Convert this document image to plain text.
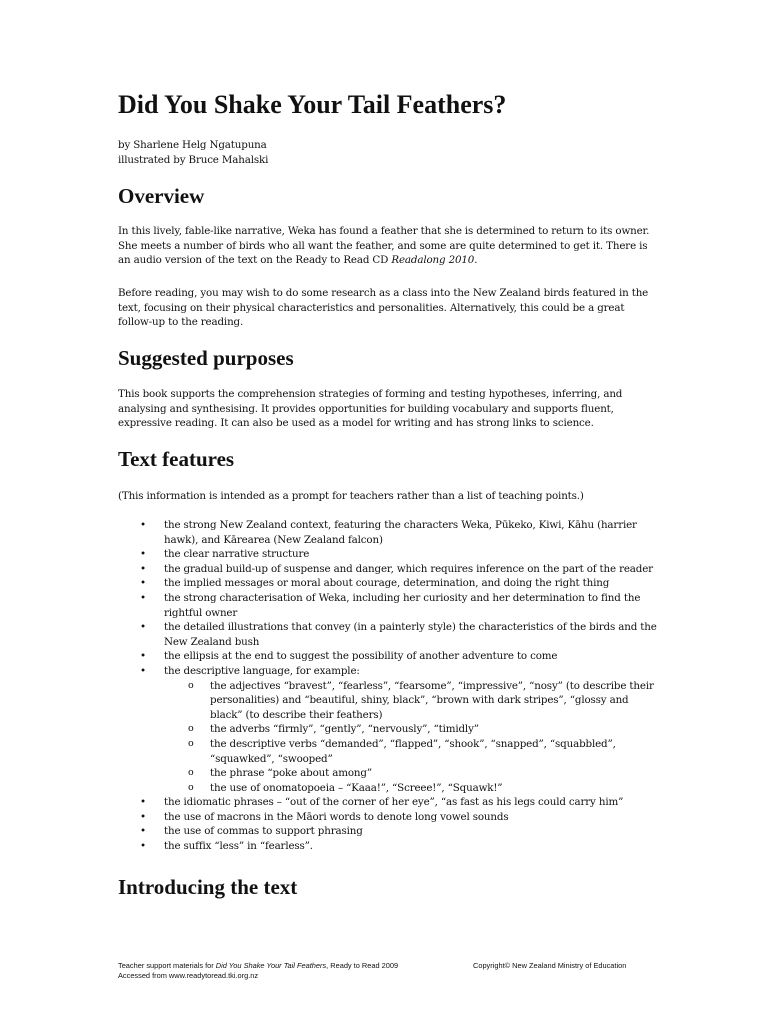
Did You Shake Your Tail Feathers?
by Sharlene Helg Ngatupuna
illustrated by Bruce Mahalski
Overview

In this lively, fable-like narrative, Weka has found a feather that she is determined to return to its owner. She meets a number of birds who all want the feather, and some are quite determined to get it. There is an audio version of the text on the Ready to Read CD Readalong 2010.

Before reading, you may wish to do some research as a class into the New Zealand birds featured in the text, focusing on their physical characteristics and personalities. Alternatively, this could be a great follow-up to the reading.

Suggested purposes

This book supports the comprehension strategies of forming and testing hypotheses, inferring, and analysing and synthesising. It provides opportunities for building vocabulary and supports fluent, expressive reading. It can also be used as a model for writing and has strong links to science.

Text features

(This information is intended as a prompt for teachers rather than a list of teaching points.)

• the strong New Zealand context, featuring the characters Weka, Pūkeko, Kiwi, Kāhu (harrier hawk), and Kārearea (New Zealand falcon)
• the clear narrative structure
• the gradual build-up of suspense and danger, which requires inference on the part of the reader
• the implied messages or moral about courage, determination, and doing the right thing
• the strong characterisation of Weka, including her curiosity and her determination to find the rightful owner
• the detailed illustrations that convey (in a painterly style) the characteristics of the birds and the New Zealand bush
• the ellipsis at the end to suggest the possibility of another adventure to come
• the descriptive language, for example:
o the adjectives “bravest”, “fearless”, “fearsome”, “impressive”, “nosy” (to describe their personalities) and “beautiful, shiny, black”, “brown with dark stripes”, “glossy and black” (to describe their feathers)
o the adverbs “firmly”, “gently”, “nervously”, “timidly”
o the descriptive verbs “demanded”, “flapped”, “shook”, “snapped”, “squabbled”, “squawked”, “swooped”
o the phrase “poke about among”
o the use of onomatopoeia – “Kaaa!”, “Screee!”, “Squawk!”
• the idiomatic phrases – “out of the corner of her eye”, “as fast as his legs could carry him”
• the use of macrons in the Māori words to denote long vowel sounds
• the use of commas to support phrasing
• the suffix “less” in “fearless”.
Introducing the text
Teacher support materials for Did You Shake Your Tail Feathers, Ready to Read 2009
Accessed from www.readytoread.tki.org.nz
Copyright© New Zealand Ministry of Education
